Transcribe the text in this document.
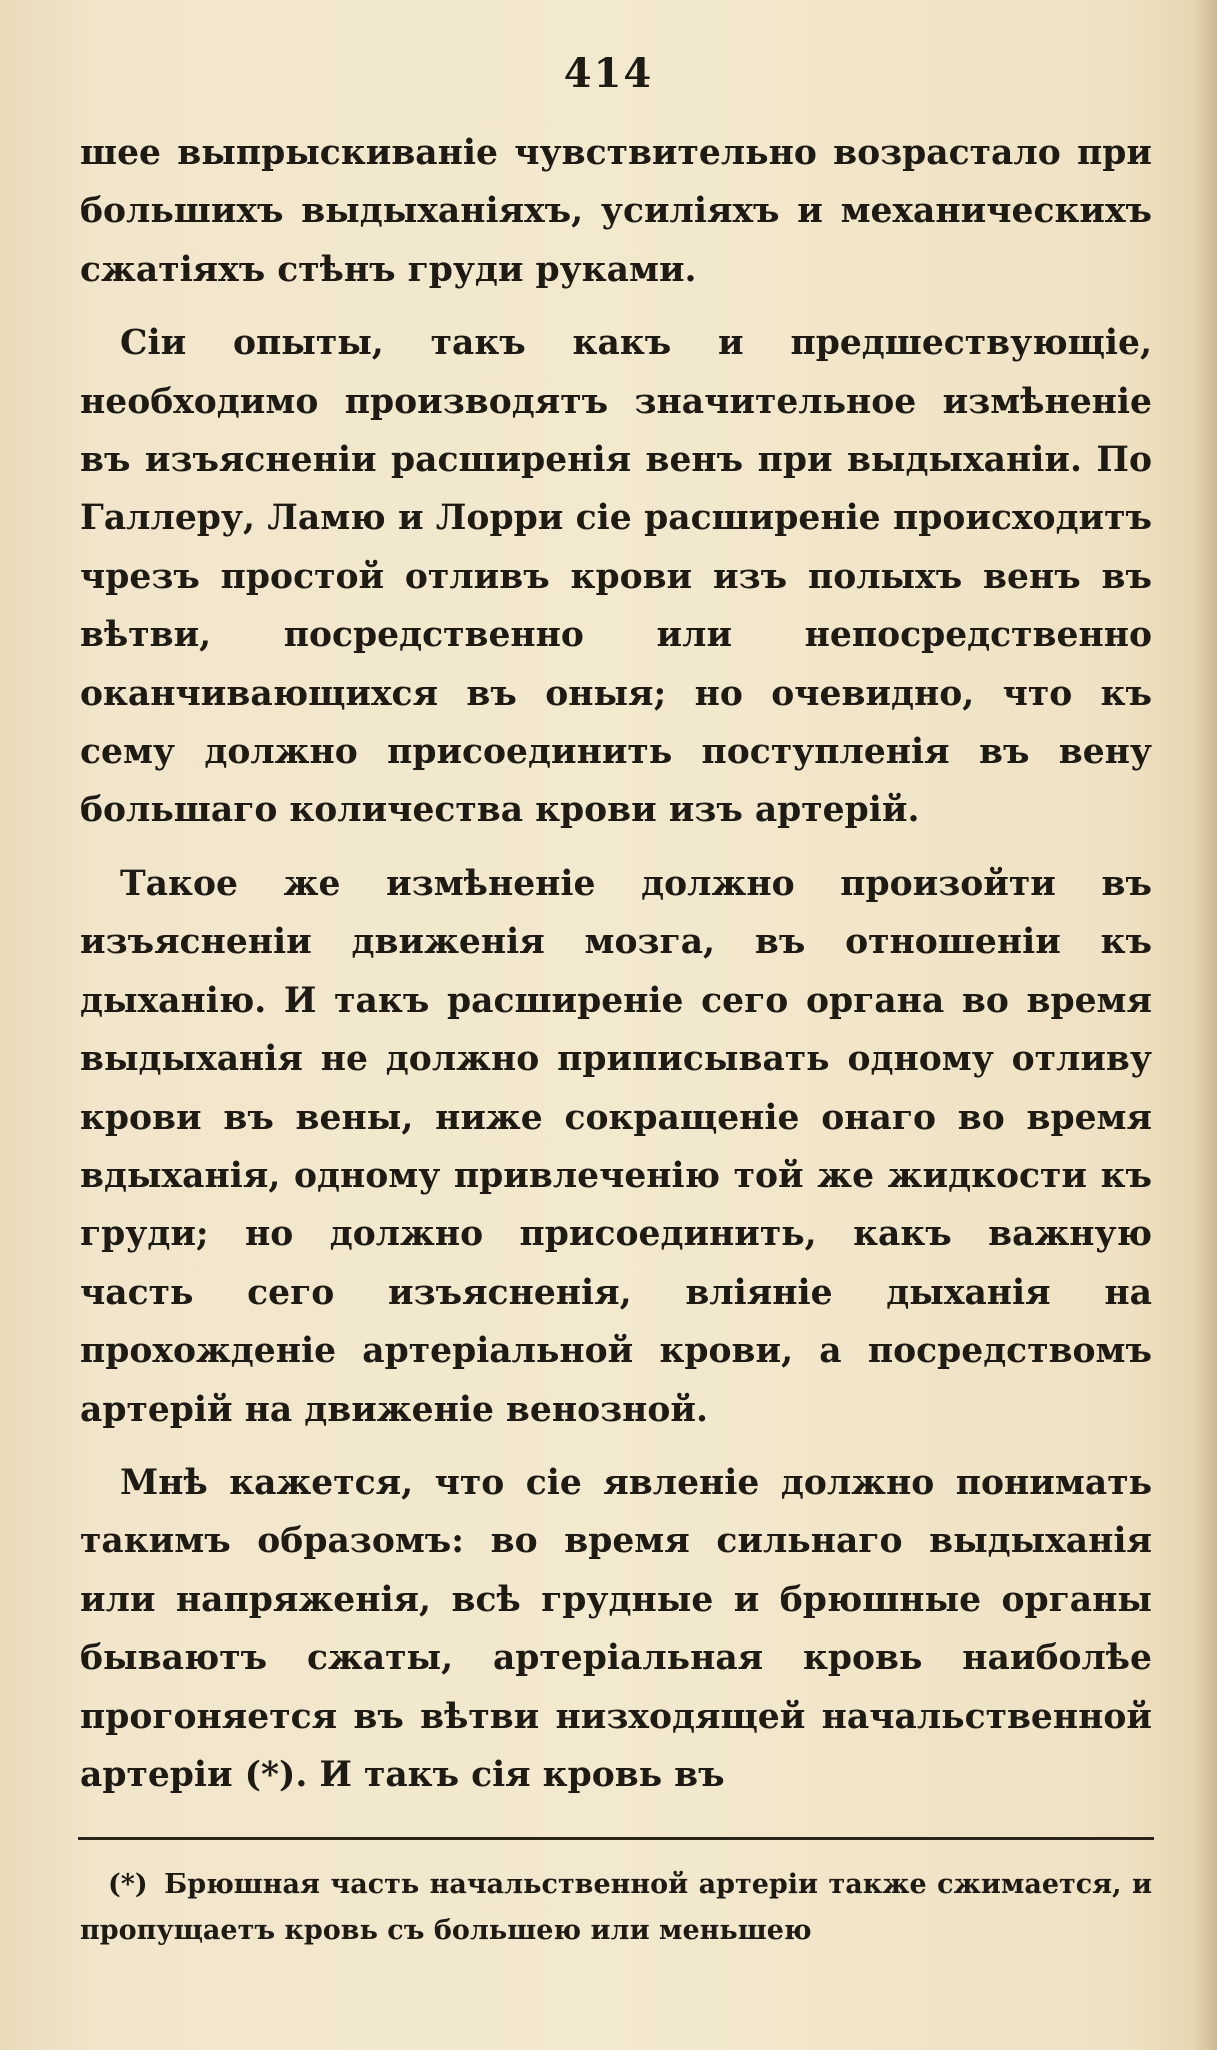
414

шее выпрыскиванiе чувствительно возрастало при большихъ выдыханiяхъ, усилiяхъ и механическихъ сжатiяхъ стѣнъ груди руками.

Сiи опыты, такъ какъ и предшествующiе, необходимо производятъ значительное измѣненiе въ изъясненiи расширенiя венъ при выдыханiи. По Галлеру, Ламю и Лорри сiе расширенiе происходитъ чрезъ простой отливъ крови изъ полыхъ венъ въ вѣтви, посредственно или непосредственно оканчивающихся въ оныя; но очевидно, что къ сему должно присоединить поступленiя въ вену большаго количества крови изъ артерiй.

Такое же измѣненiе должно произойти въ изъясненiи движенiя мозга, въ отношенiи къ дыханiю. И такъ расширенiе сего органа во время выдыханiя не должно приписывать одному отливу крови въ вены, ниже сокращенiе онаго во время вдыханiя, одному привлеченiю той же жидкости къ груди; но должно присоединить, какъ важную часть сего изъясненiя, влiянiе дыханiя на прохожденiе артерiальной крови, а посредствомъ артерiй на движенiе венозной.

Мнѣ кажется, что сiе явленiе должно понимать такимъ образомъ: во время сильнаго выдыханiя или напряженiя, всѣ грудные и брюшные органы бываютъ сжаты, артерiальная кровь наиболѣе прогоняется въ вѣтви низходящей начальственной артерiи (*). И такъ сiя кровь въ

(*) Брюшная часть начальственной артерiи также сжимается, и пропущаетъ кровь съ большею или меньшею
